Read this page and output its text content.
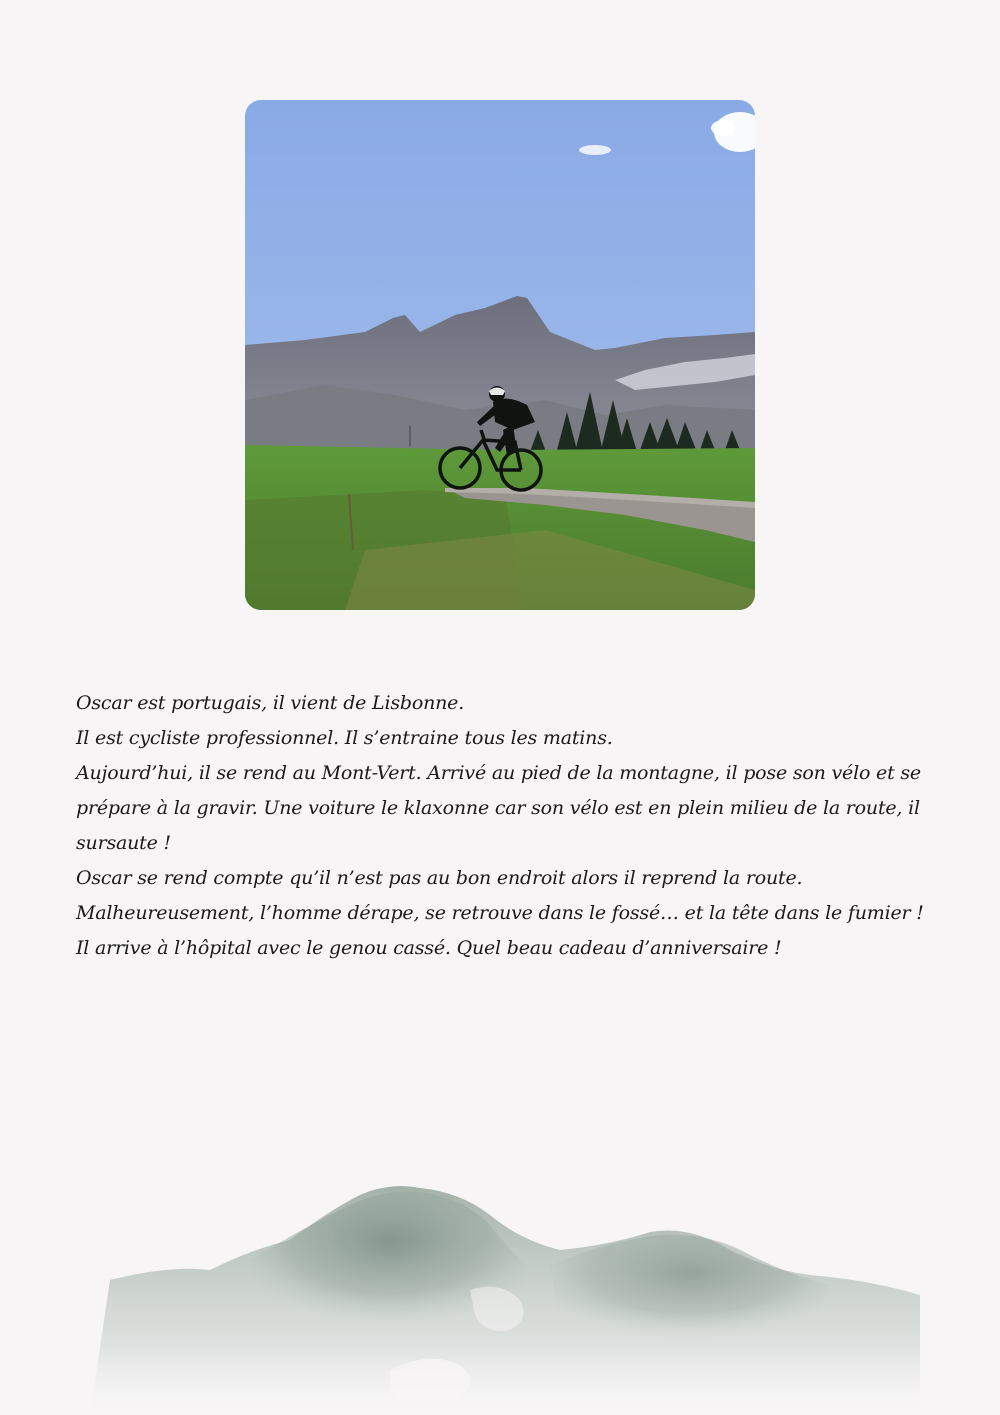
Oscar est portugais, il vient de Lisbonne.

Il est cycliste professionnel. Il s’entraine tous les matins.

Aujourd’hui, il se rend au Mont-Vert. Arrivé au pied de la montagne, il pose son vélo et se prépare à la gravir. Une voiture le klaxonne car son vélo est en plein milieu de la route, il sursaute !

Oscar se rend compte qu’il n’est pas au bon endroit alors il reprend la route. Malheureusement, l’homme dérape, se retrouve dans le fossé… et la tête dans le fumier !

Il arrive à l’hôpital avec le genou cassé. Quel beau cadeau d’anniversaire !
